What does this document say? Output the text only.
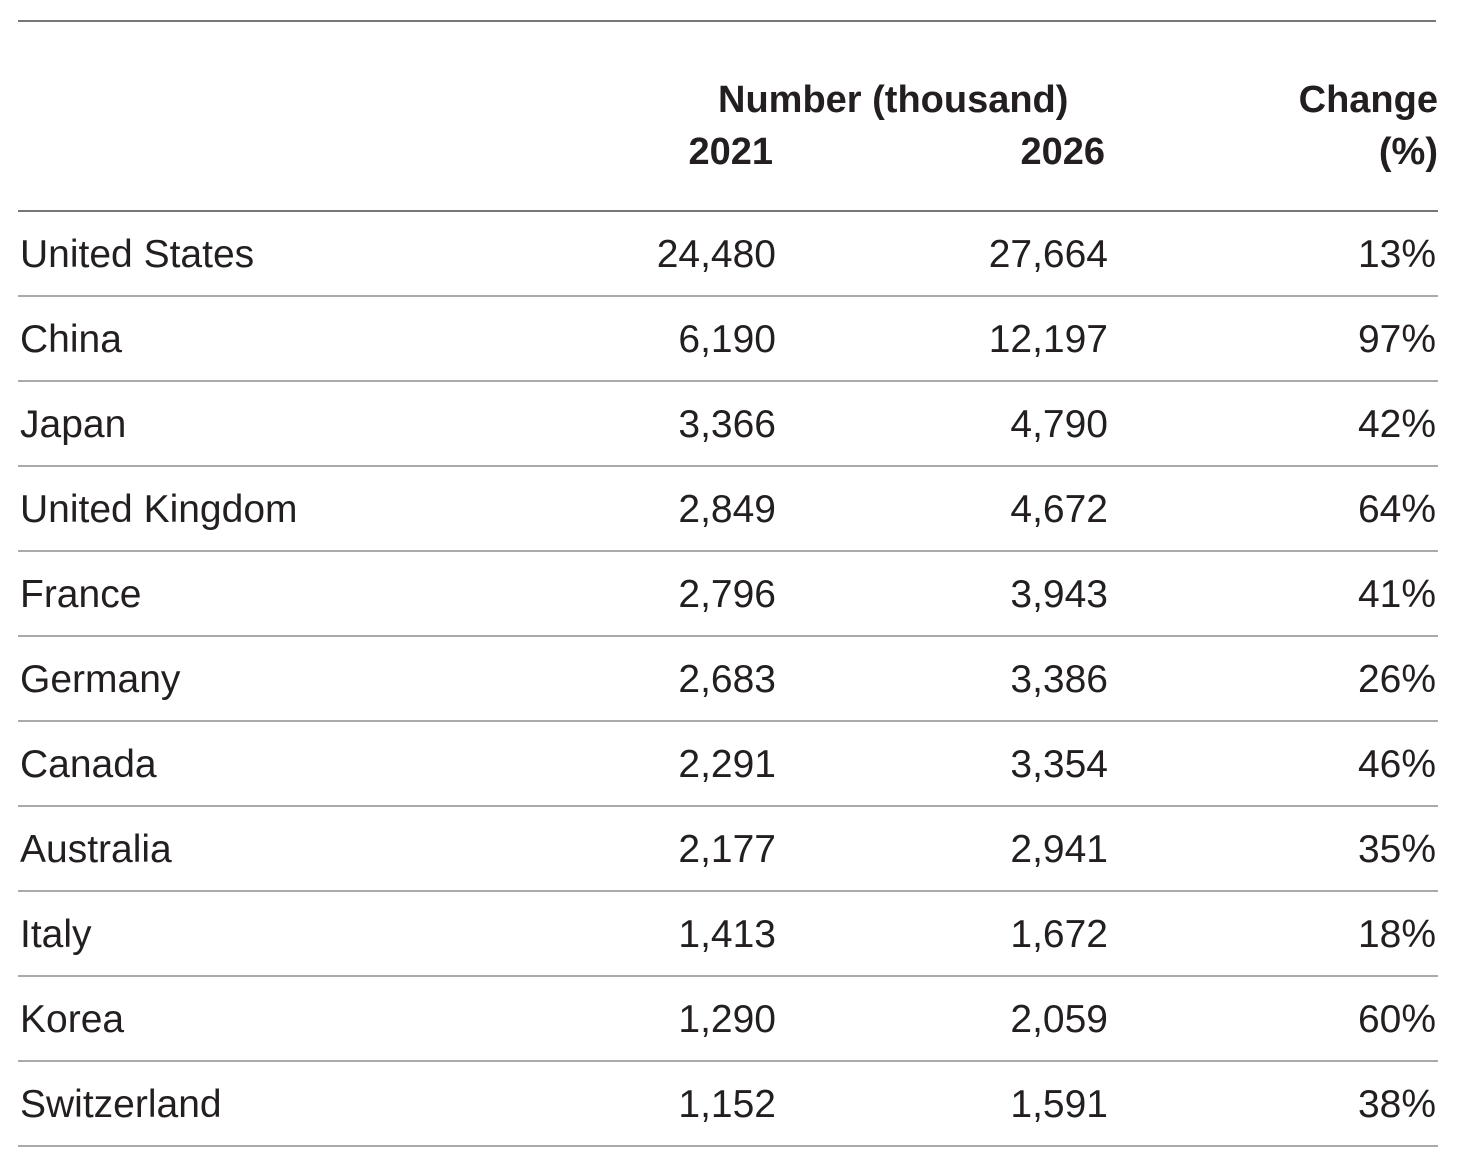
Number (thousand)
2021	2026
Change
(%)
United States	24,480	27,664	13%
China	6,190	12,197	97%
Japan	3,366	4,790	42%
United Kingdom	2,849	4,672	64%
France	2,796	3,943	41%
Germany	2,683	3,386	26%
Canada	2,291	3,354	46%
Australia	2,177	2,941	35%
Italy	1,413	1,672	18%
Korea	1,290	2,059	60%
Switzerland	1,152	1,591	38%
